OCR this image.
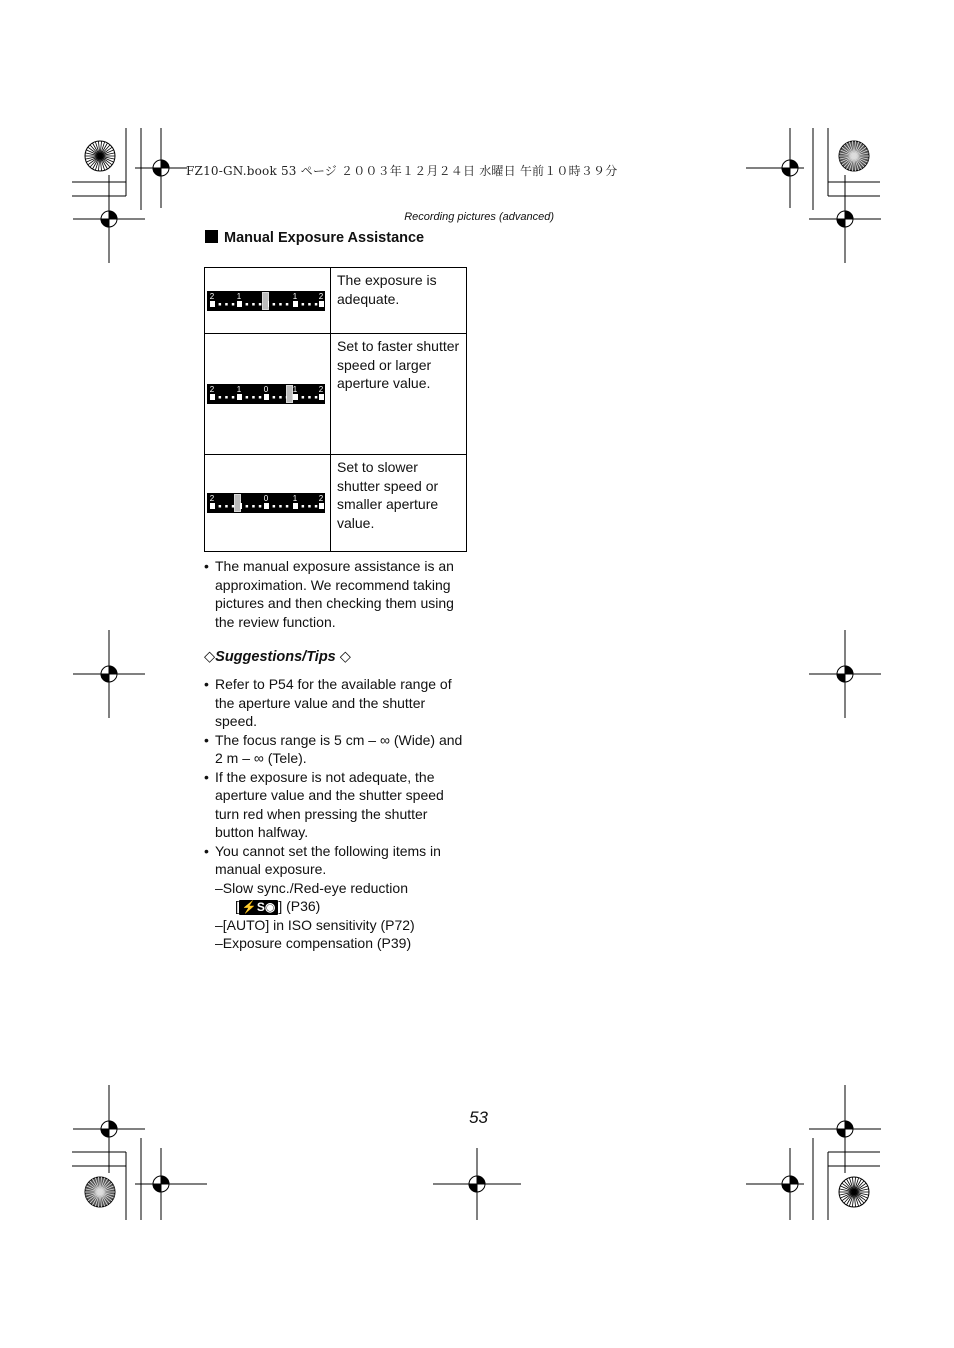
FZ10-GN.book 53 ページ ２００３年１２月２４日 水曜日 午前１０時３９分
Recording pictures (advanced)
Manual Exposure Assistance
2 1 1 2	The exposure is adequate.

2 1 0 1 2	Set to faster shutter speed or larger aperture value.

2 0 1 2	Set to slower shutter speed or smaller aperture value.
• The manual exposure assistance is an approximation. We recommend taking pictures and then checking them using the review function.
◇Suggestions/Tips ◇
• Refer to P54 for the available range of the aperture value and the shutter speed.
• The focus range is 5 cm – ∞ (Wide) and 2 m – ∞ (Tele).
• If the exposure is not adequate, the aperture value and the shutter speed turn red when pressing the shutter button halfway.
• You cannot set the following items in manual exposure.
–Slow sync./Red-eye reduction
[ ⚡S◉ ] (P36)
–[AUTO] in ISO sensitivity (P72)
–Exposure compensation (P39)
53
